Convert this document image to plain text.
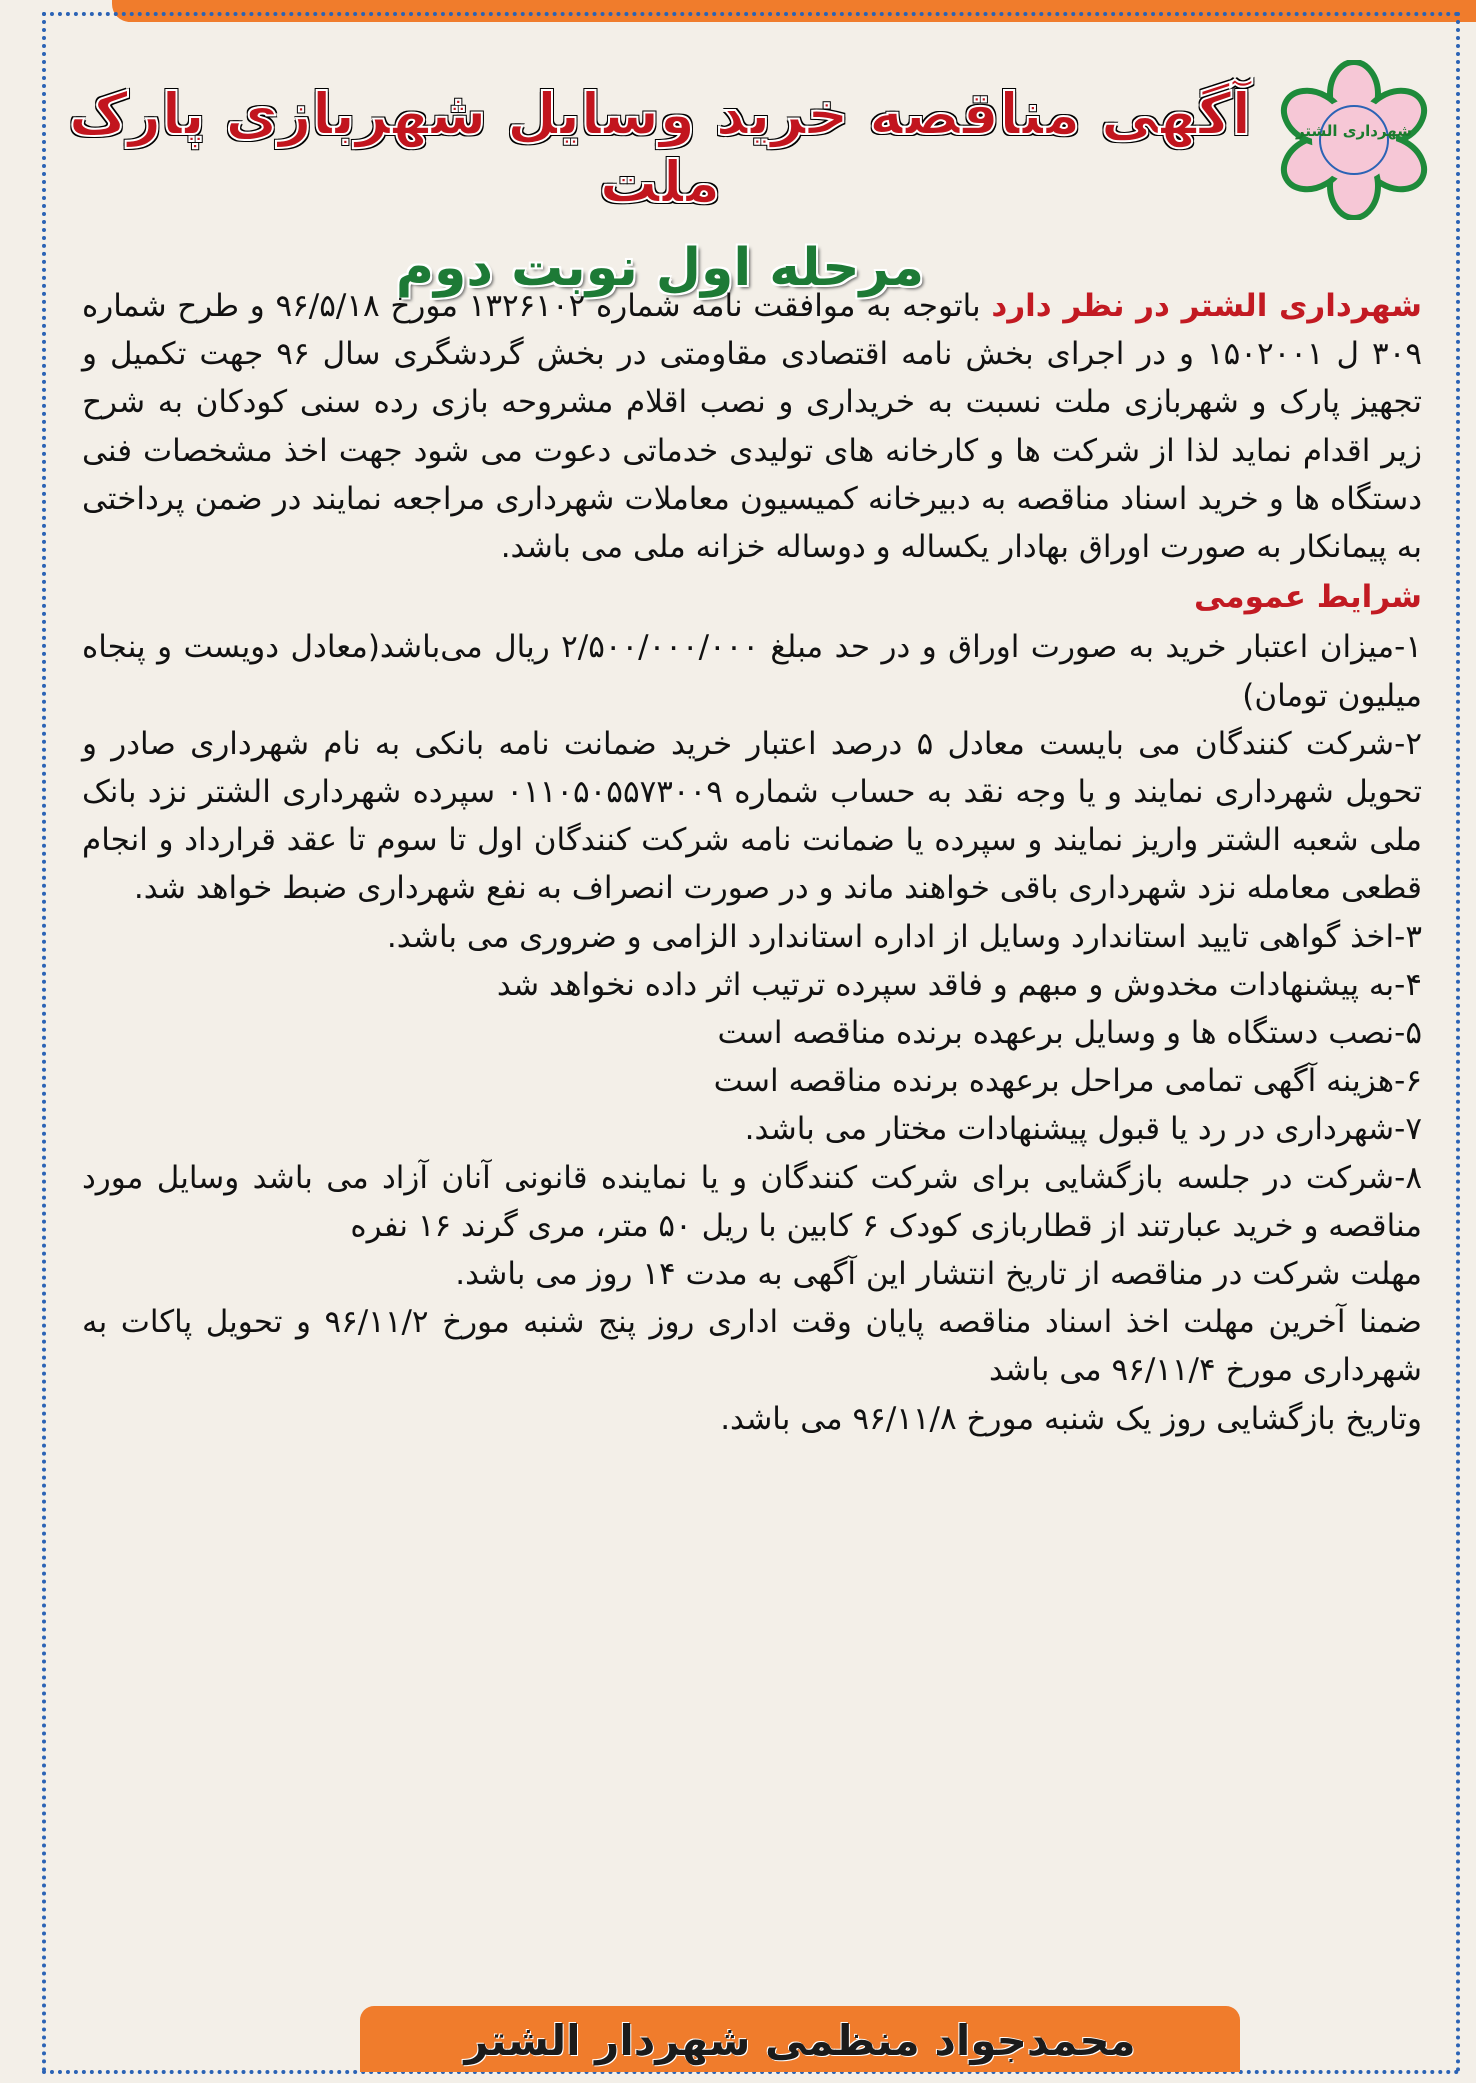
آگهی مناقصه خرید وسایل شهربازی پارک ملت
مرحله اول نوبت دوم
شهرداری الشتر

شهرداری الشتر در نظر دارد باتوجه به موافقت نامه شماره ۱۳۲۶۱۰۲ مورخ ۹۶/۵/۱۸ و طرح شماره ۳۰۹ ل ۱۵۰۲۰۰۱ و در اجرای بخش نامه اقتصادی مقاومتی در بخش گردشگری سال ۹۶ جهت تکمیل و تجهیز پارک و شهربازی ملت نسبت به خریداری و نصب اقلام مشروحه بازی رده سنی کودکان به شرح زیر اقدام نماید لذا از شرکت ها و کارخانه های تولیدی خدماتی دعوت می شود جهت اخذ مشخصات فنی دستگاه ها و خرید اسناد مناقصه به دبیرخانه کمیسیون معاملات شهرداری مراجعه نمایند در ضمن پرداختی به پیمانکار به صورت اوراق بهادار یکساله و دوساله خزانه ملی می باشد.

شرایط عمومی

۱-میزان اعتبار خرید به صورت اوراق و در حد مبلغ ۲/۵۰۰/۰۰۰/۰۰۰ ریال می‌باشد(معادل دویست و پنجاه میلیون تومان)

۲-شرکت کنندگان می بایست معادل ۵ درصد اعتبار خرید ضمانت نامه بانکی به نام شهرداری صادر و تحویل شهرداری نمایند و یا وجه نقد به حساب شماره ۰۱۱۰۵۰۵۵۷۳۰۰۹ سپرده شهرداری الشتر نزد بانک ملی شعبه الشتر واریز نمایند و سپرده یا ضمانت نامه شرکت کنندگان اول تا سوم تا عقد قرارداد و انجام قطعی معامله نزد شهرداری باقی خواهند ماند و در صورت انصراف به نفع شهرداری ضبط خواهد شد.

۳-اخذ گواهی تایید استاندارد وسایل از اداره استاندارد الزامی و ضروری می باشد.

۴-به پیشنهادات مخدوش و مبهم و فاقد سپرده ترتیب اثر داده نخواهد شد

۵-نصب دستگاه ها و وسایل برعهده برنده مناقصه است

۶-هزینه آگهی تمامی مراحل برعهده برنده مناقصه است

۷-شهرداری در رد یا قبول پیشنهادات مختار می باشد.

۸-شرکت در جلسه بازگشایی برای شرکت کنندگان و یا نماینده قانونی آنان آزاد می باشد وسایل مورد مناقصه و خرید عبارتند از قطاربازی کودک ۶ کابین با ریل ۵۰ متر، مری گرند ۱۶ نفره

مهلت شرکت در مناقصه از تاریخ انتشار این آگهی به مدت ۱۴ روز می باشد.

ضمنا آخرین مهلت اخذ اسناد مناقصه پایان وقت اداری روز پنج شنبه مورخ ۹۶/۱۱/۲ و تحویل پاکات به شهرداری مورخ ۹۶/۱۱/۴ می باشد

وتاریخ بازگشایی روز یک شنبه مورخ ۹۶/۱۱/۸ می باشد.

محمدجواد منظمی شهردار الشتر
